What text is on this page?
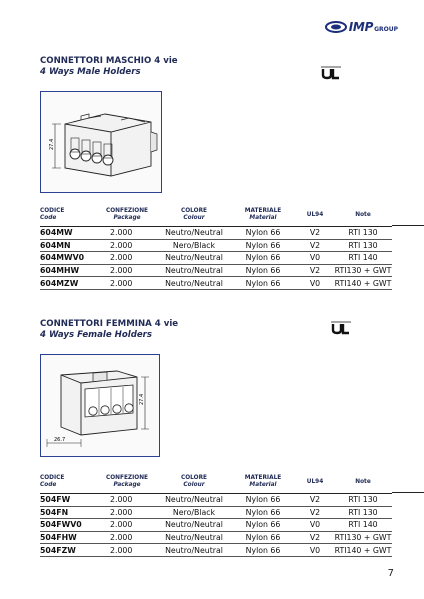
IMP GROUP
CONNETTORI MASCHIO 4 vie
4 Ways Male Holders
27.4
CODICE
Code
CONFEZIONE
Package
COLORE
Colour
MATERIALE
Material
UL94	Note
604MW	2.000	Neutro/Neutral	Nylon 66	V2	RTI 130
604MN	2.000	Nero/Black	Nylon 66	V2	RTI 130
604MWV0	2.000	Neutro/Neutral	Nylon 66	V0	RTI 140
604MHW	2.000	Neutro/Neutral	Nylon 66	V2	RTI130 + GWT
604MZW	2.000	Neutro/Neutral	Nylon 66	V0	RTI140 + GWT
CONNETTORI FEMMINA 4 vie
4 Ways Female Holders
27.4
26.7
CODICE
Code
CONFEZIONE
Package
COLORE
Colour
MATERIALE
Material
UL94	Note
504FW	2.000	Neutro/Neutral	Nylon 66	V2	RTI 130
504FN	2.000	Nero/Black	Nylon 66	V2	RTI 130
504FWV0	2.000	Neutro/Neutral	Nylon 66	V0	RTI 140
504FHW	2.000	Neutro/Neutral	Nylon 66	V2	RTI130 + GWT
504FZW	2.000	Neutro/Neutral	Nylon 66	V0	RTI140 + GWT
7
